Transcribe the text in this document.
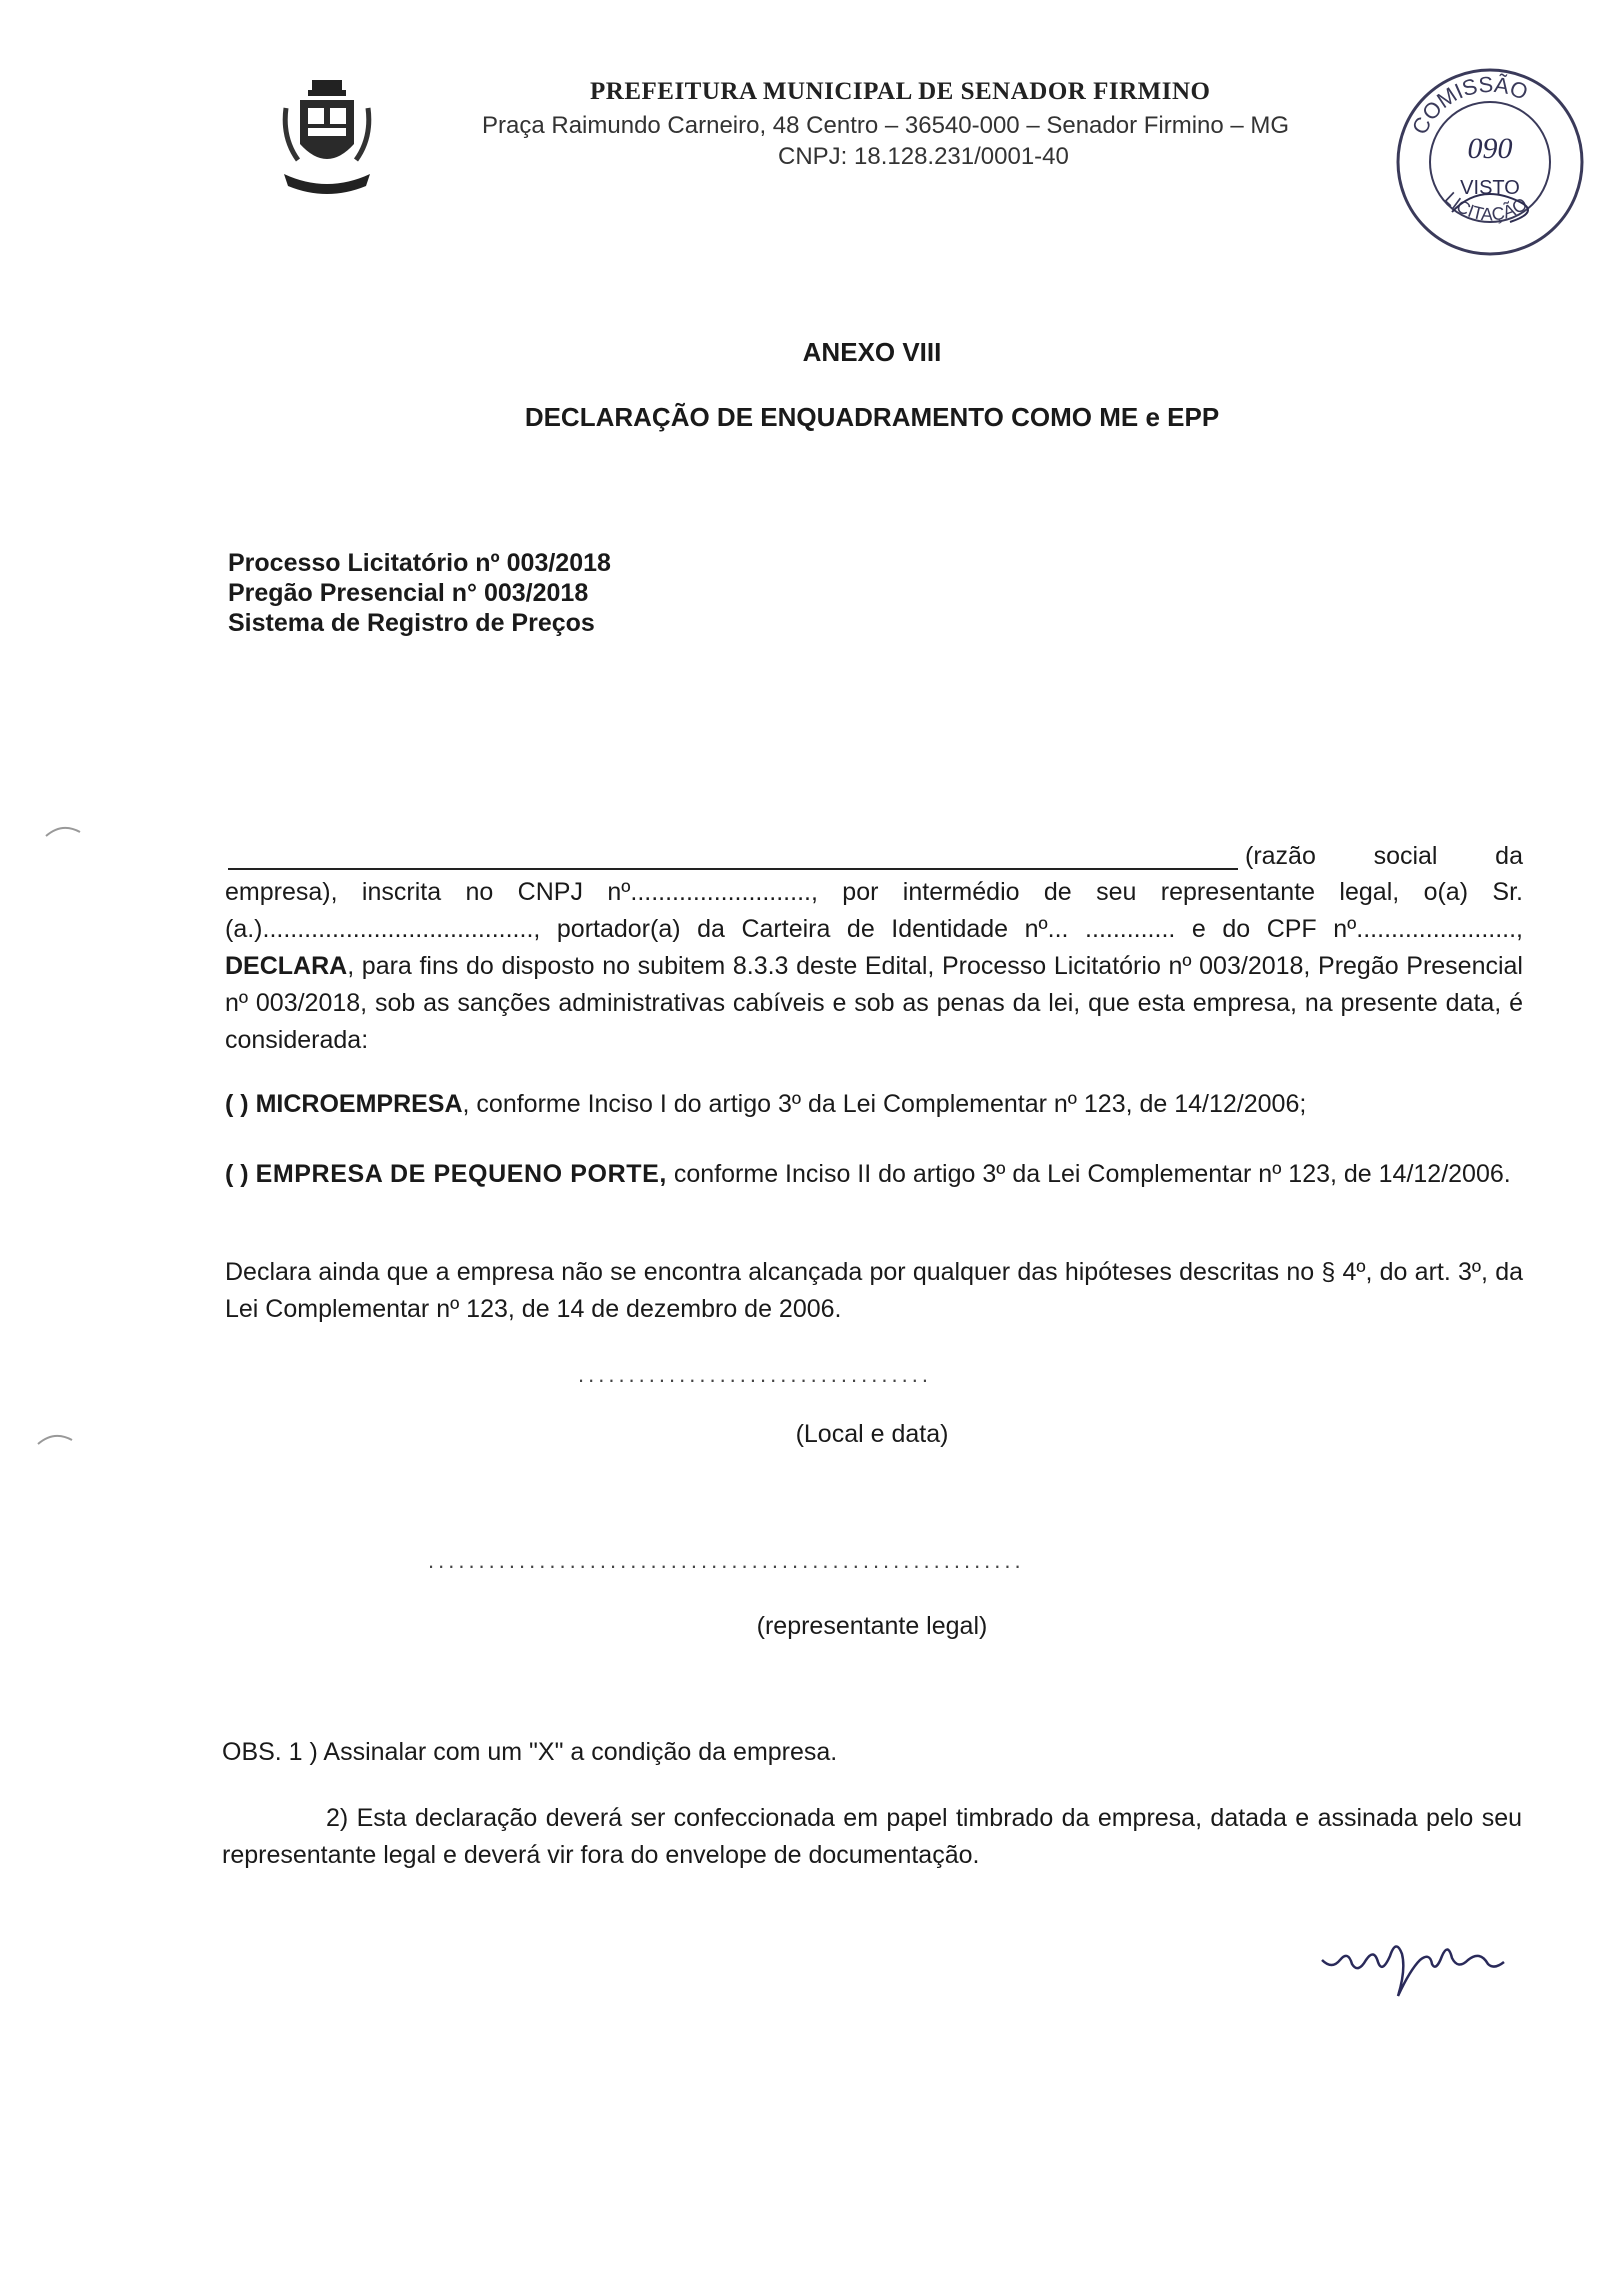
PREFEITURA MUNICIPAL DE SENADOR FIRMINO
Praça Raimundo Carneiro, 48 Centro – 36540-000 – Senador Firmino – MG
CNPJ: 18.128.231/0001-40
COMISSÃO
090
VISTO
LICITAÇÃO
ANEXO VIII
DECLARAÇÃO DE ENQUADRAMENTO COMO ME e EPP
Processo Licitatório nº 003/2018
Pregão Presencial n° 003/2018
Sistema de Registro de Preços
(razão social da
empresa), inscrita no CNPJ nº.........................., por intermédio de seu representante legal, o(a) Sr.(a.)......................................., portador(a) da Carteira de Identidade nº... ............. e do CPF nº......................., DECLARA, para fins do disposto no subitem 8.3.3 deste Edital, Processo Licitatório nº 003/2018, Pregão Presencial nº 003/2018, sob as sanções administrativas cabíveis e sob as penas da lei, que esta empresa, na presente data, é considerada:
( ) MICROEMPRESA, conforme Inciso I do artigo 3º da Lei Complementar nº 123, de 14/12/2006;
( ) EMPRESA DE PEQUENO PORTE, conforme Inciso II do artigo 3º da Lei Complementar nº 123, de 14/12/2006.
Declara ainda que a empresa não se encontra alcançada por qualquer das hipóteses descritas no § 4º, do art. 3º, da Lei Complementar nº 123, de 14 de dezembro de 2006.
...................................
(Local e data)
...........................................................
(representante legal)
OBS. 1 ) Assinalar com um "X" a condição da empresa.
2) Esta declaração deverá ser confeccionada em papel timbrado da empresa, datada e assinada pelo seu representante legal e deverá vir fora do envelope de documentação.
